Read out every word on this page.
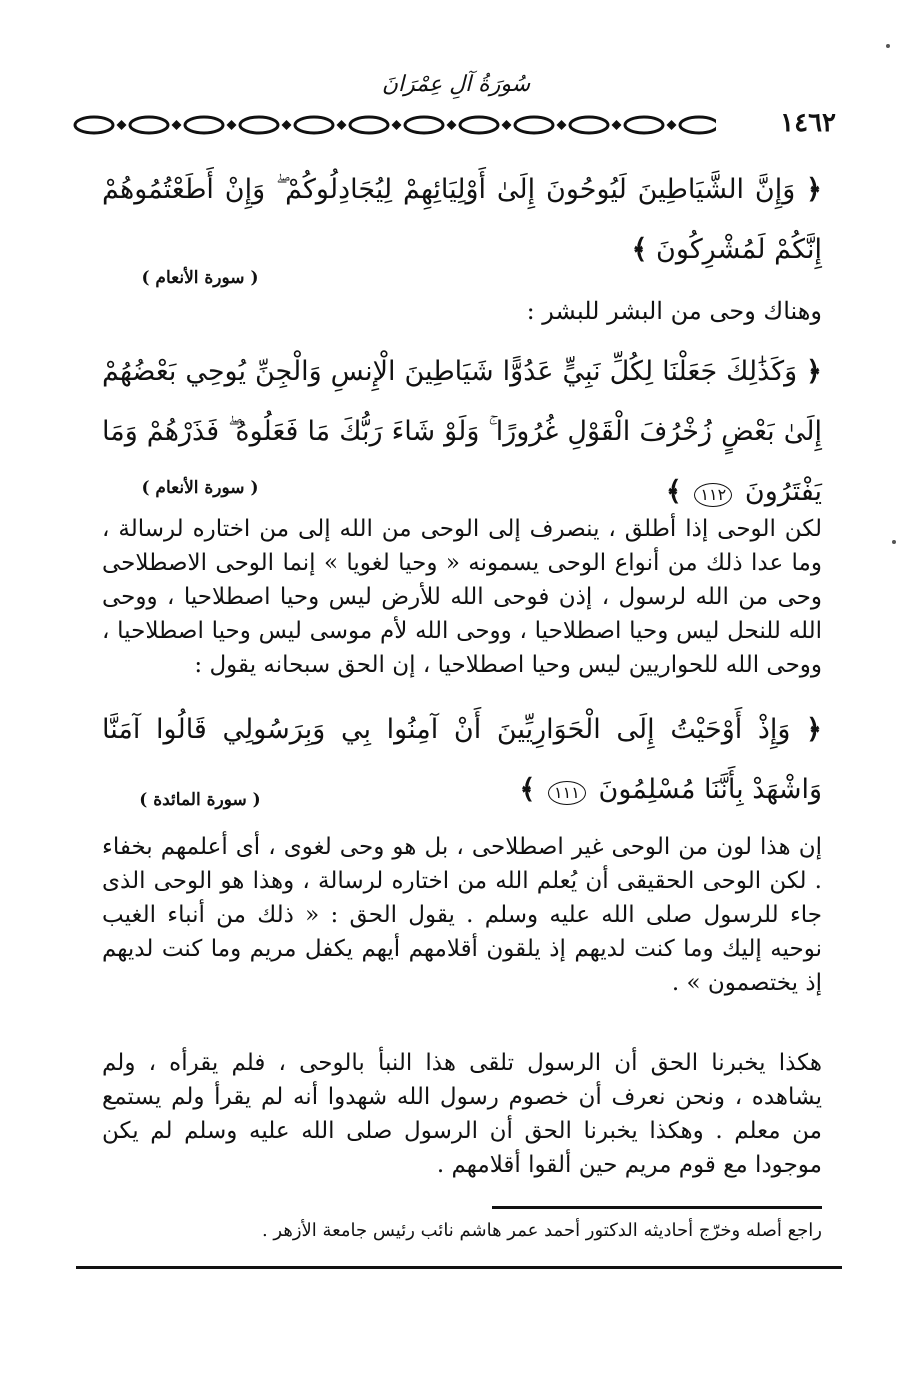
سُورَةُ آلِ عِمْرَانَ
١٤٦٢
﴿ وَإِنَّ الشَّيَاطِينَ لَيُوحُونَ إِلَىٰ أَوْلِيَائِهِمْ لِيُجَادِلُوكُمْ ۖ وَإِنْ أَطَعْتُمُوهُمْ إِنَّكُمْ لَمُشْرِكُونَ ﴾
( سورة الأنعام )
وهناك وحى من البشر للبشر :
﴿ وَكَذَٰلِكَ جَعَلْنَا لِكُلِّ نَبِيٍّ عَدُوًّا شَيَاطِينَ الْإِنسِ وَالْجِنِّ يُوحِي بَعْضُهُمْ إِلَىٰ بَعْضٍ زُخْرُفَ الْقَوْلِ غُرُورًا ۚ وَلَوْ شَاءَ رَبُّكَ مَا فَعَلُوهُ ۖ فَذَرْهُمْ وَمَا يَفْتَرُونَ ١١٢ ﴾
( سورة الأنعام )

لكن الوحى إذا أطلق ، ينصرف إلى الوحى من الله إلى من اختاره لرسالة ، وما عدا ذلك من أنواع الوحى يسمونه « وحيا لغويا » إنما الوحى الاصطلاحى وحى من الله لرسول ، إذن فوحى الله للأرض ليس وحيا اصطلاحيا ، ووحى الله للنحل ليس وحيا اصطلاحيا ، ووحى الله لأم موسى ليس وحيا اصطلاحيا ، ووحى الله للحواريين ليس وحيا اصطلاحيا ، إن الحق سبحانه يقول :

﴿ وَإِذْ أَوْحَيْتُ إِلَى الْحَوَارِيِّينَ أَنْ آمِنُوا بِي وَبِرَسُولِي قَالُوا آمَنَّا وَاشْهَدْ بِأَنَّنَا مُسْلِمُونَ ١١١ ﴾
( سورة المائدة )

إن هذا لون من الوحى غير اصطلاحى ، بل هو وحى لغوى ، أى أعلمهم بخفاء . لكن الوحى الحقيقى أن يُعلم الله من اختاره لرسالة ، وهذا هو الوحى الذى جاء للرسول صلى الله عليه وسلم . يقول الحق : « ذلك من أنباء الغيب نوحيه إليك وما كنت لديهم إذ يلقون أقلامهم أيهم يكفل مريم وما كنت لديهم إذ يختصمون » .

هكذا يخبرنا الحق أن الرسول تلقى هذا النبأ بالوحى ، فلم يقرأه ، ولم يشاهده ، ونحن نعرف أن خصوم رسول الله شهدوا أنه لم يقرأ ولم يستمع من معلم . وهكذا يخبرنا الحق أن الرسول صلى الله عليه وسلم لم يكن موجودا مع قوم مريم حين ألقوا أقلامهم .

راجع أصله وخرّج أحاديثه الدكتور أحمد عمر هاشم نائب رئيس جامعة الأزهر .
